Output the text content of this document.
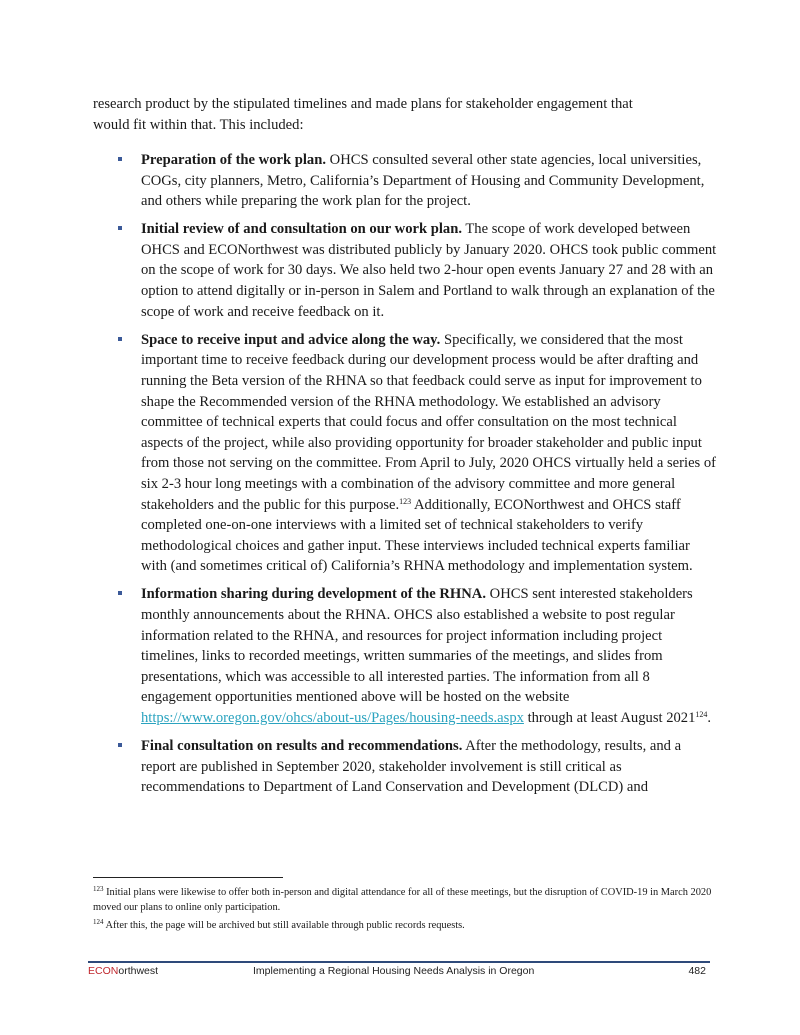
research product by the stipulated timelines and made plans for stakeholder engagement that
would fit within that. This included:
Preparation of the work plan. OHCS consulted several other state agencies, local universities, COGs, city planners, Metro, California’s Department of Housing and Community Development, and others while preparing the work plan for the project.
Initial review of and consultation on our work plan. The scope of work developed between OHCS and ECONorthwest was distributed publicly by January 2020. OHCS took public comment on the scope of work for 30 days. We also held two 2-hour open events January 27 and 28 with an option to attend digitally or in-person in Salem and Portland to walk through an explanation of the scope of work and receive feedback on it.
Space to receive input and advice along the way. Specifically, we considered that the most important time to receive feedback during our development process would be after drafting and running the Beta version of the RHNA so that feedback could serve as input for improvement to shape the Recommended version of the RHNA methodology. We established an advisory committee of technical experts that could focus and offer consultation on the most technical aspects of the project, while also providing opportunity for broader stakeholder and public input from those not serving on the committee. From April to July, 2020 OHCS virtually held a series of six 2-3 hour long meetings with a combination of the advisory committee and more general stakeholders and the public for this purpose.$^{123}$ Additionally, ECONorthwest and OHCS staff completed one-on-one interviews with a limited set of technical stakeholders to verify methodological choices and gather input. These interviews included technical experts familiar with (and sometimes critical of) California’s RHNA methodology and implementation system.
Information sharing during development of the RHNA. OHCS sent interested stakeholders monthly announcements about the RHNA. OHCS also established a website to post regular information related to the RHNA, and resources for project information including project timelines, links to recorded meetings, written summaries of the meetings, and slides from presentations, which was accessible to all interested parties. The information from all 8 engagement opportunities mentioned above will be hosted on the website https://www.oregon.gov/ohcs/about-us/Pages/housing-needs.aspx through at least August 2021$^{124}$.
Final consultation on results and recommendations. After the methodology, results, and a report are published in September 2020, stakeholder involvement is still critical as recommendations to Department of Land Conservation and Development (DLCD) and

$^{123}$ Initial plans were likewise to offer both in-person and digital attendance for all of these meetings, but the disruption of COVID-19 in March 2020 moved our plans to online only participation.

$^{124}$ After this, the page will be archived but still available through public records requests.

ECONorthwest	Implementing a Regional Housing Needs Analysis in Oregon	482
